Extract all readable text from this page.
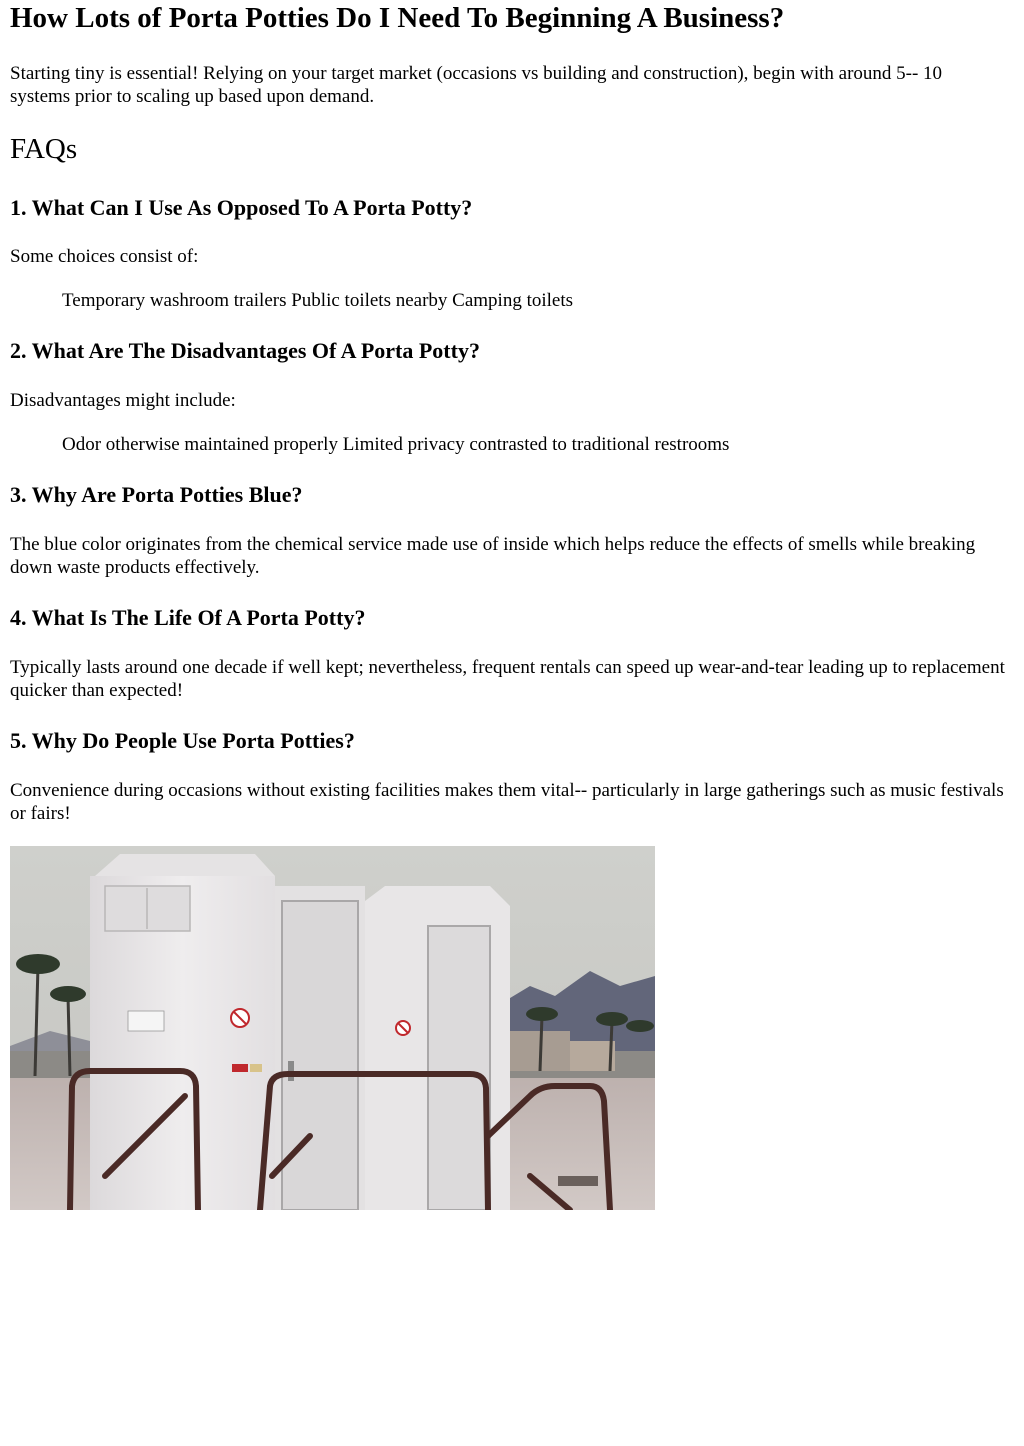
How Lots of Porta Potties Do I Need To Beginning A Business?

Starting tiny is essential! Relying on your target market (occasions vs building and construction), begin with around 5-- 10 systems prior to scaling up based upon demand.

FAQs
1. What Can I Use As Opposed To A Porta Potty?

Some choices consist of:

Temporary washroom trailers Public toilets nearby Camping toilets

2. What Are The Disadvantages Of A Porta Potty?

Disadvantages might include:

Odor otherwise maintained properly Limited privacy contrasted to traditional restrooms

3. Why Are Porta Potties Blue?

The blue color originates from the chemical service made use of inside which helps reduce the effects of smells while breaking down waste products effectively.

4. What Is The Life Of A Porta Potty?

Typically lasts around one decade if well kept; nevertheless, frequent rentals can speed up wear-and-tear leading up to replacement quicker than expected!

5. Why Do People Use Porta Potties?

Convenience during occasions without existing facilities makes them vital-- particularly in large gatherings such as music festivals or fairs!
